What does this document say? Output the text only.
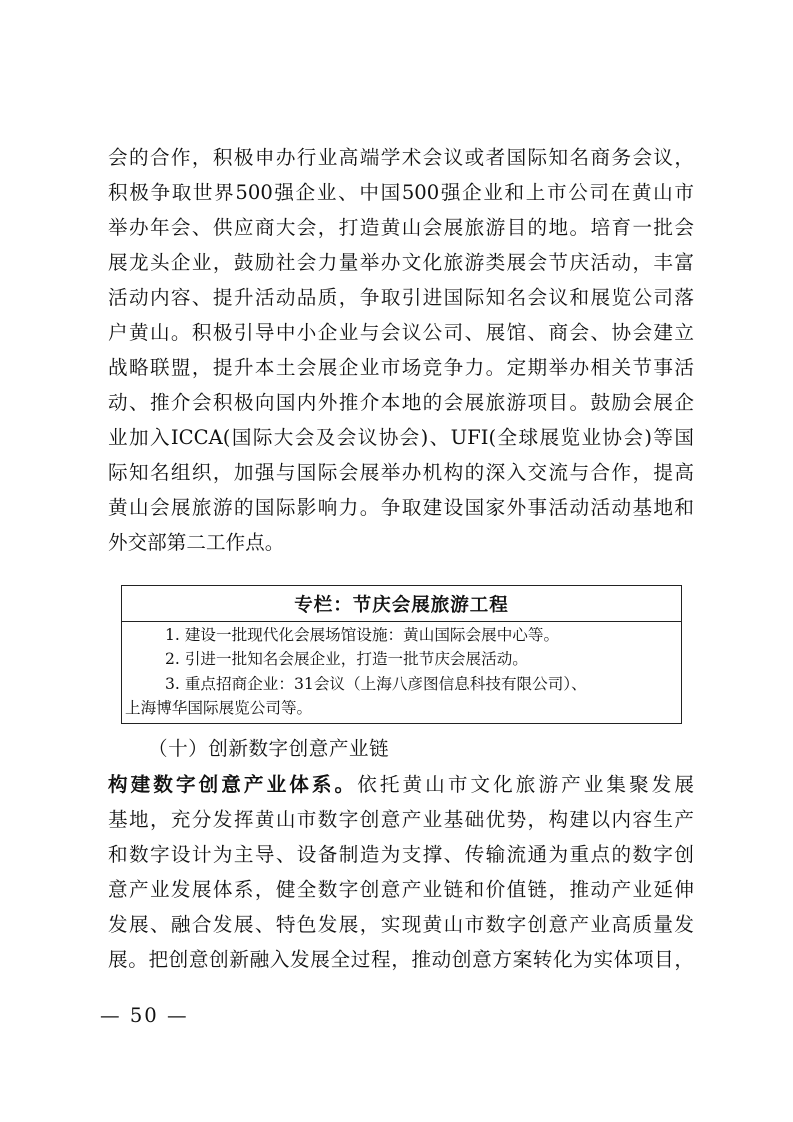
会的合作，积极申办行业高端学术会议或者国际知名商务会议，
积极争取世界500强企业、中国500强企业和上市公司在黄山市
举办年会、供应商大会，打造黄山会展旅游目的地。培育一批会
展龙头企业，鼓励社会力量举办文化旅游类展会节庆活动，丰富
活动内容、提升活动品质，争取引进国际知名会议和展览公司落
户黄山。积极引导中小企业与会议公司、展馆、商会、协会建立
战略联盟，提升本土会展企业市场竞争力。定期举办相关节事活
动、推介会积极向国内外推介本地的会展旅游项目。鼓励会展企
业加入ICCA(国际大会及会议协会)、UFI(全球展览业协会)等国
际知名组织，加强与国际会展举办机构的深入交流与合作，提高
黄山会展旅游的国际影响力。争取建设国家外事活动活动基地和
外交部第二工作点。
专栏：节庆会展旅游工程
1. 建设一批现代化会展场馆设施：黄山国际会展中心等。
2. 引进一批知名会展企业，打造一批节庆会展活动。
3. 重点招商企业：31会议（上海八彦图信息科技有限公司）、
上海博华国际展览公司等。
（十）创新数字创意产业链
构建数字创意产业体系。依托黄山市文化旅游产业集聚发展
基地，充分发挥黄山市数字创意产业基础优势，构建以内容生产
和数字设计为主导、设备制造为支撑、传输流通为重点的数字创
意产业发展体系，健全数字创意产业链和价值链，推动产业延伸
发展、融合发展、特色发展，实现黄山市数字创意产业高质量发
展。把创意创新融入发展全过程，推动创意方案转化为实体项目，
— 50 —
